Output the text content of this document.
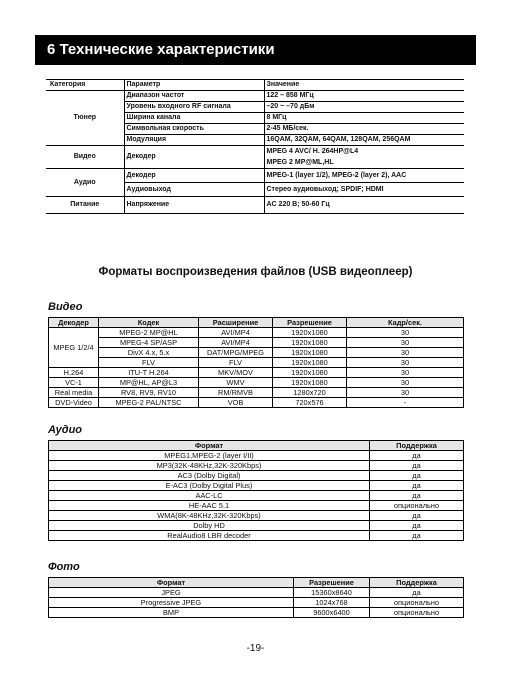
6 Технические характеристики
Категория	Параметр	Значение
Тюнер	Диапазон частот	122 – 858 МГц
	Уровень входного RF сигнала	–20 ~ –70 дБм
	Ширина канала	8 МГц
	Символьная скорость	2-45 МБ/сек.
	Модуляция	16QAM, 32QAM, 64QAM, 128QAM, 256QAM
Видео	Декодер	MPEG 4 AVC/ H. 264HP@L4
MPEG 2 MP@ML,HL

Аудио	Декодер	MPEG-1 (layer 1/2), MPEG-2 (layer 2), AAC
	Аудиовыход	Стерео аудиовыход; SPDIF; HDMI
Питание	Напряжение	AC 220 В; 50-60 Гц
Форматы воспроизведения файлов (USB видеоплеер)
Видео
Декодер	Кодек	Расширение	Разрешение	Кадр/сек.
MPEG 1/2/4	MPEG-2 MP@HL	AVI/MP4	1920x1080	30
	MPEG-4 SP/ASP	AVI/MP4	1920x1080	30
	DivX 4.x, 5.x	DAT/MPG/MPEG	1920x1080	30
	FLV	FLV	1920x1080	30
H.264	ITU-T H.264	MKV/MOV	1920x1080	30
VC-1	MP@HL, AP@L3	WMV	1920x1080	30
Real media	RV8, RV9, RV10	RM/RMVB	1280x720	30
DVD-Video	MPEG-2 PAL/NTSC	VOB	720x576	-
Аудио
Формат	Поддержка
MPEG1,MPEG-2 (layer I/II)	да
MP3(32K-48KHz,32K-320Kbps)	да
AC3 (Dolby Digital)	да
E-AC3 (Dolby Digital Plus)	да
AAC-LC	да
HE-AAC 5.1	опционально
WMA(8K-48KHz,32K-320Kbps)	да
Dolby HD	да
RealAudio8 LBR decoder	да
Фото
Формат	Разрешение	Поддержка
JPEG	15360x8640	да
Progressive JPEG	1024x768	опционально
BMP	9600x6400	опционально
-19-
